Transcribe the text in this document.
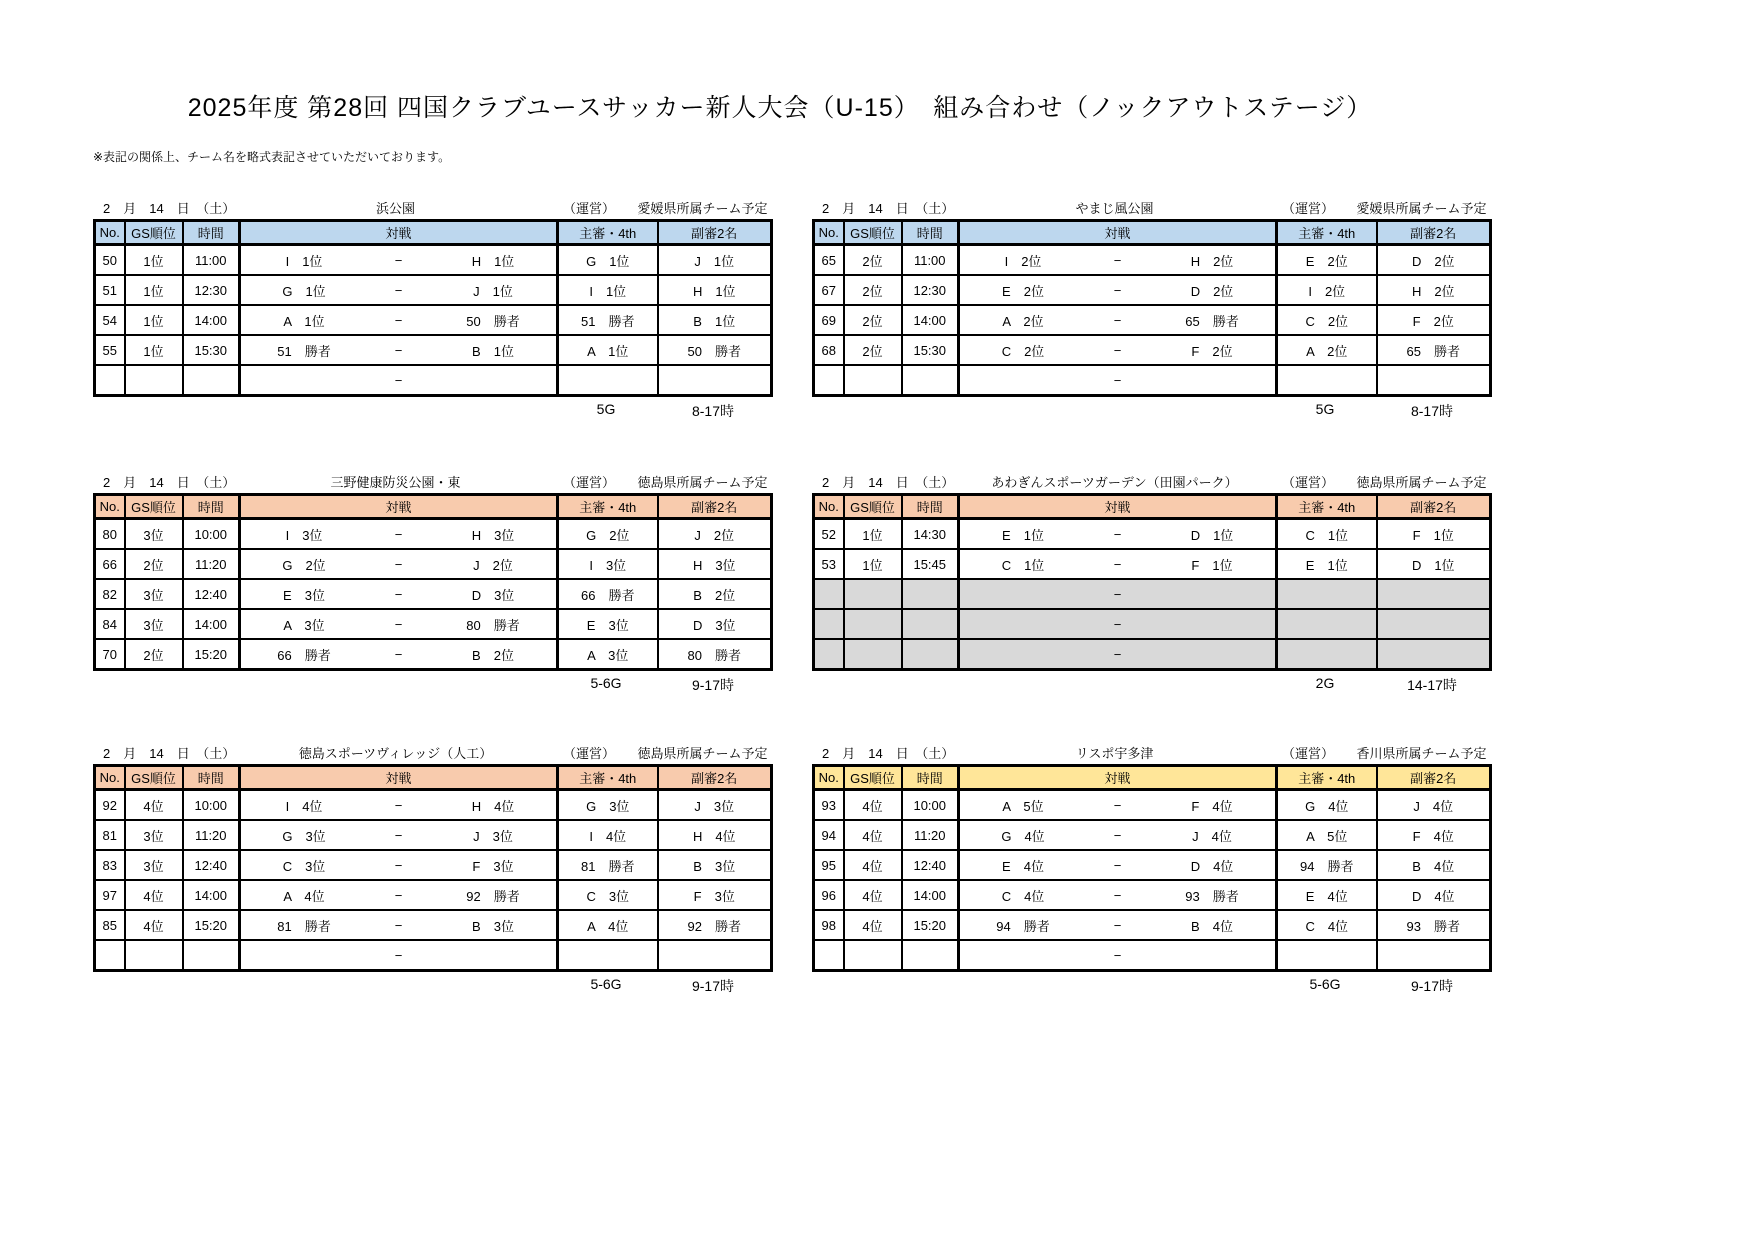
2025年度 第28回 四国クラブユースサッカー新人大会（U-15）　組み合わせ（ノックアウトステージ）
※表記の関係上、チーム名を略式表記させていただいております。
2　月　14　日　（土）	浜公園	（運営）	愛媛県所属チーム予定
No.	GS順位	時間	対戦	主審・4th	副審2名
50	1位	11:00	I　1位 − H　1位	G　1位	J　1位
51	1位	12:30	G　1位 − J　1位	I　1位	H　1位
54	1位	14:00	A　1位 − 50　勝者	51　勝者	B　1位
55	1位	15:30	51　勝者 − B　1位	A　1位	50　勝者

			−		

5G	8-17時
2　月　14　日　（土）	やまじ風公園	（運営）	愛媛県所属チーム予定
No.	GS順位	時間	対戦	主審・4th	副審2名
65	2位	11:00	I　2位 − H　2位	E　2位	D　2位
67	2位	12:30	E　2位 − D　2位	I　2位	H　2位
69	2位	14:00	A　2位 − 65　勝者	C　2位	F　2位
68	2位	15:30	C　2位 − F　2位	A　2位	65　勝者

			−		

5G	8-17時
2　月　14　日　（土）	三野健康防災公園・東	（運営）	徳島県所属チーム予定
No.	GS順位	時間	対戦	主審・4th	副審2名
80	3位	10:00	I　3位 − H　3位	G　2位	J　2位
66	2位	11:20	G　2位 − J　2位	I　3位	H　3位
82	3位	12:40	E　3位 − D　3位	66　勝者	B　2位
84	3位	14:00	A　3位 − 80　勝者	E　3位	D　3位
70	2位	15:20	66　勝者 − B　2位	A　3位	80　勝者
5-6G	9-17時
2　月　14　日　（土）	あわぎんスポーツガーデン（田園パーク）	（運営）	徳島県所属チーム予定
No.	GS順位	時間	対戦	主審・4th	副審2名
52	1位	14:30	E　1位 − D　1位	C　1位	F　1位
53	1位	15:45	C　1位 − F　1位	E　1位	D　1位

			−		

			−		

			−		

2G	14-17時
2　月　14　日　（土）	徳島スポーツヴィレッジ（人工）	（運営）	徳島県所属チーム予定
No.	GS順位	時間	対戦	主審・4th	副審2名
92	4位	10:00	I　4位 − H　4位	G　3位	J　3位
81	3位	11:20	G　3位 − J　3位	I　4位	H　4位
83	3位	12:40	C　3位 − F　3位	81　勝者	B　3位
97	4位	14:00	A　4位 − 92　勝者	C　3位	F　3位
85	4位	15:20	81　勝者 − B　3位	A　4位	92　勝者

			−		

5-6G	9-17時
2　月　14　日　（土）	リスポ宇多津	（運営）	香川県所属チーム予定
No.	GS順位	時間	対戦	主審・4th	副審2名
93	4位	10:00	A　5位 − F　4位	G　4位	J　4位
94	4位	11:20	G　4位 − J　4位	A　5位	F　4位
95	4位	12:40	E　4位 − D　4位	94　勝者	B　4位
96	4位	14:00	C　4位 − 93　勝者	E　4位	D　4位
98	4位	15:20	94　勝者 − B　4位	C　4位	93　勝者

			−		

5-6G	9-17時
